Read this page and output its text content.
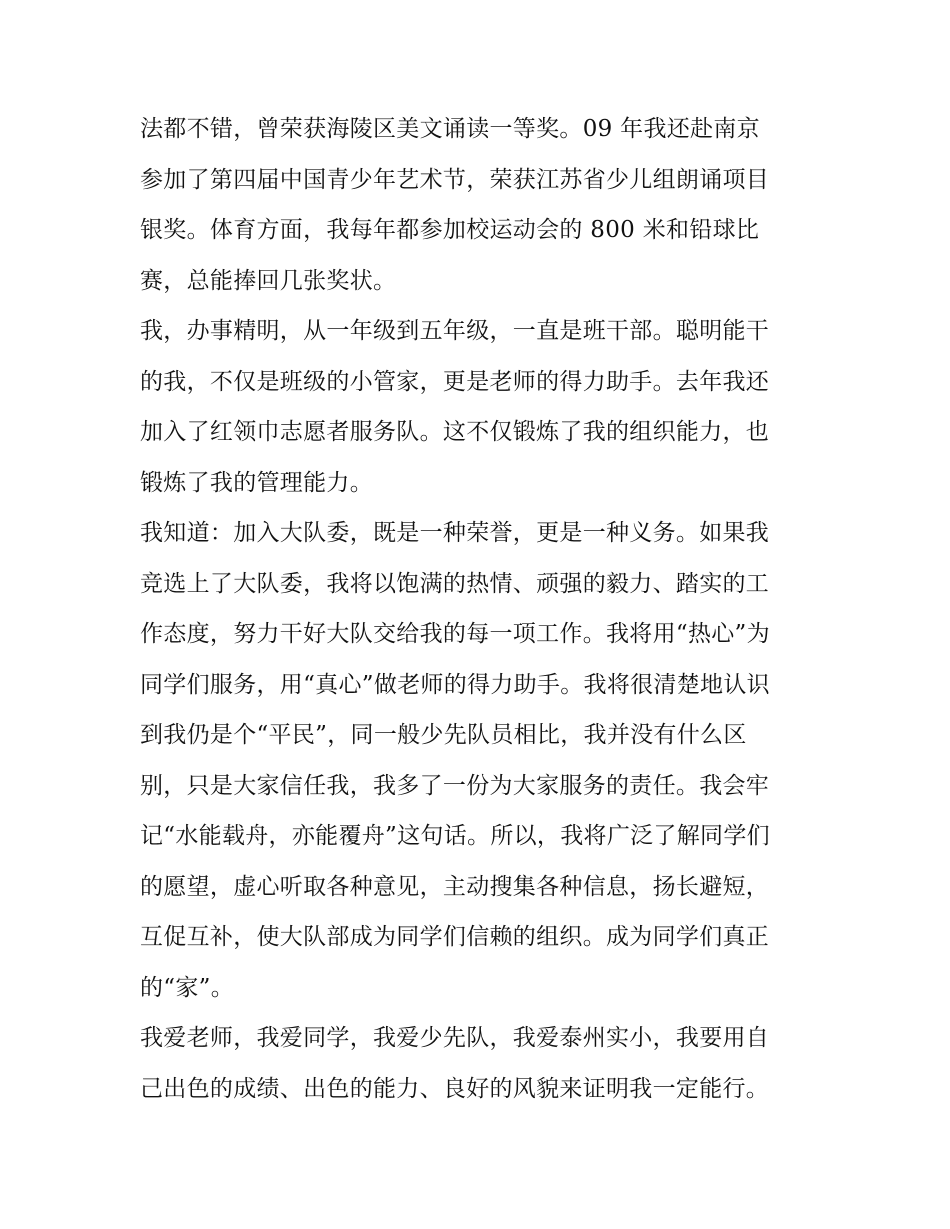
法都不错，曾荣获海陵区美文诵读一等奖。09 年我还赴南京
参加了第四届中国青少年艺术节，荣获江苏省少儿组朗诵项目
银奖。体育方面，我每年都参加校运动会的 800 米和铅球比
赛，总能捧回几张奖状。
我，办事精明，从一年级到五年级，一直是班干部。聪明能干
的我，不仅是班级的小管家，更是老师的得力助手。去年我还
加入了红领巾志愿者服务队。这不仅锻炼了我的组织能力，也
锻炼了我的管理能力。
我知道：加入大队委，既是一种荣誉，更是一种义务。如果我
竞选上了大队委，我将以饱满的热情、顽强的毅力、踏实的工
作态度，努力干好大队交给我的每一项工作。我将用“热心”为
同学们服务，用“真心”做老师的得力助手。我将很清楚地认识
到我仍是个“平民”，同一般少先队员相比，我并没有什么区
别，只是大家信任我，我多了一份为大家服务的责任。我会牢
记“水能载舟，亦能覆舟”这句话。所以，我将广泛了解同学们
的愿望，虚心听取各种意见，主动搜集各种信息，扬长避短，
互促互补，使大队部成为同学们信赖的组织。成为同学们真正
的“家”。
我爱老师，我爱同学，我爱少先队，我爱泰州实小，我要用自
己出色的成绩、出色的能力、良好的风貌来证明我一定能行。
